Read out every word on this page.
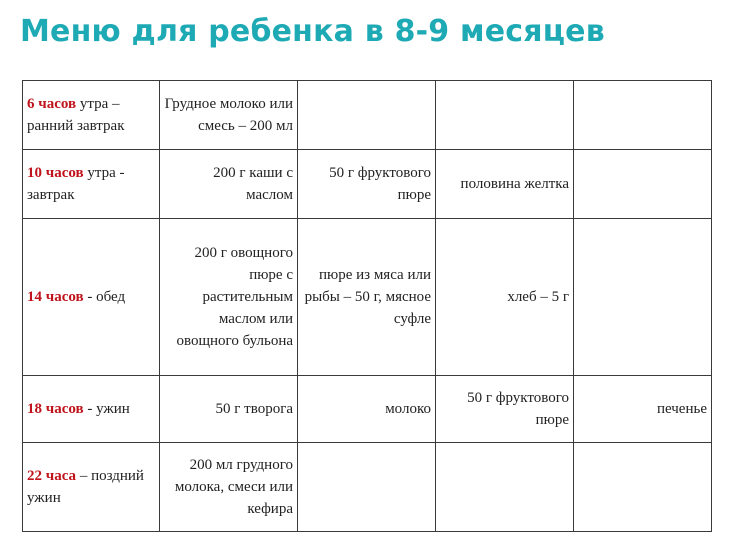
Меню для ребенка в 8-9 месяцев
6 часов утра – ранний завтрак	Грудное молоко или смесь – 200 мл			
10 часов утра - завтрак	200 г каши с маслом	50 г фруктового пюре	половина желтка	
14 часов - обед	200 г овощного пюре с растительным маслом или овощного бульона	пюре из мяса или рыбы – 50 г, мясное суфле	хлеб – 5 г	
18 часов - ужин	50 г творога	молоко	50 г фруктового пюре	печенье
22 часа – поздний ужин	200 мл грудного молока, смеси или кефира			
